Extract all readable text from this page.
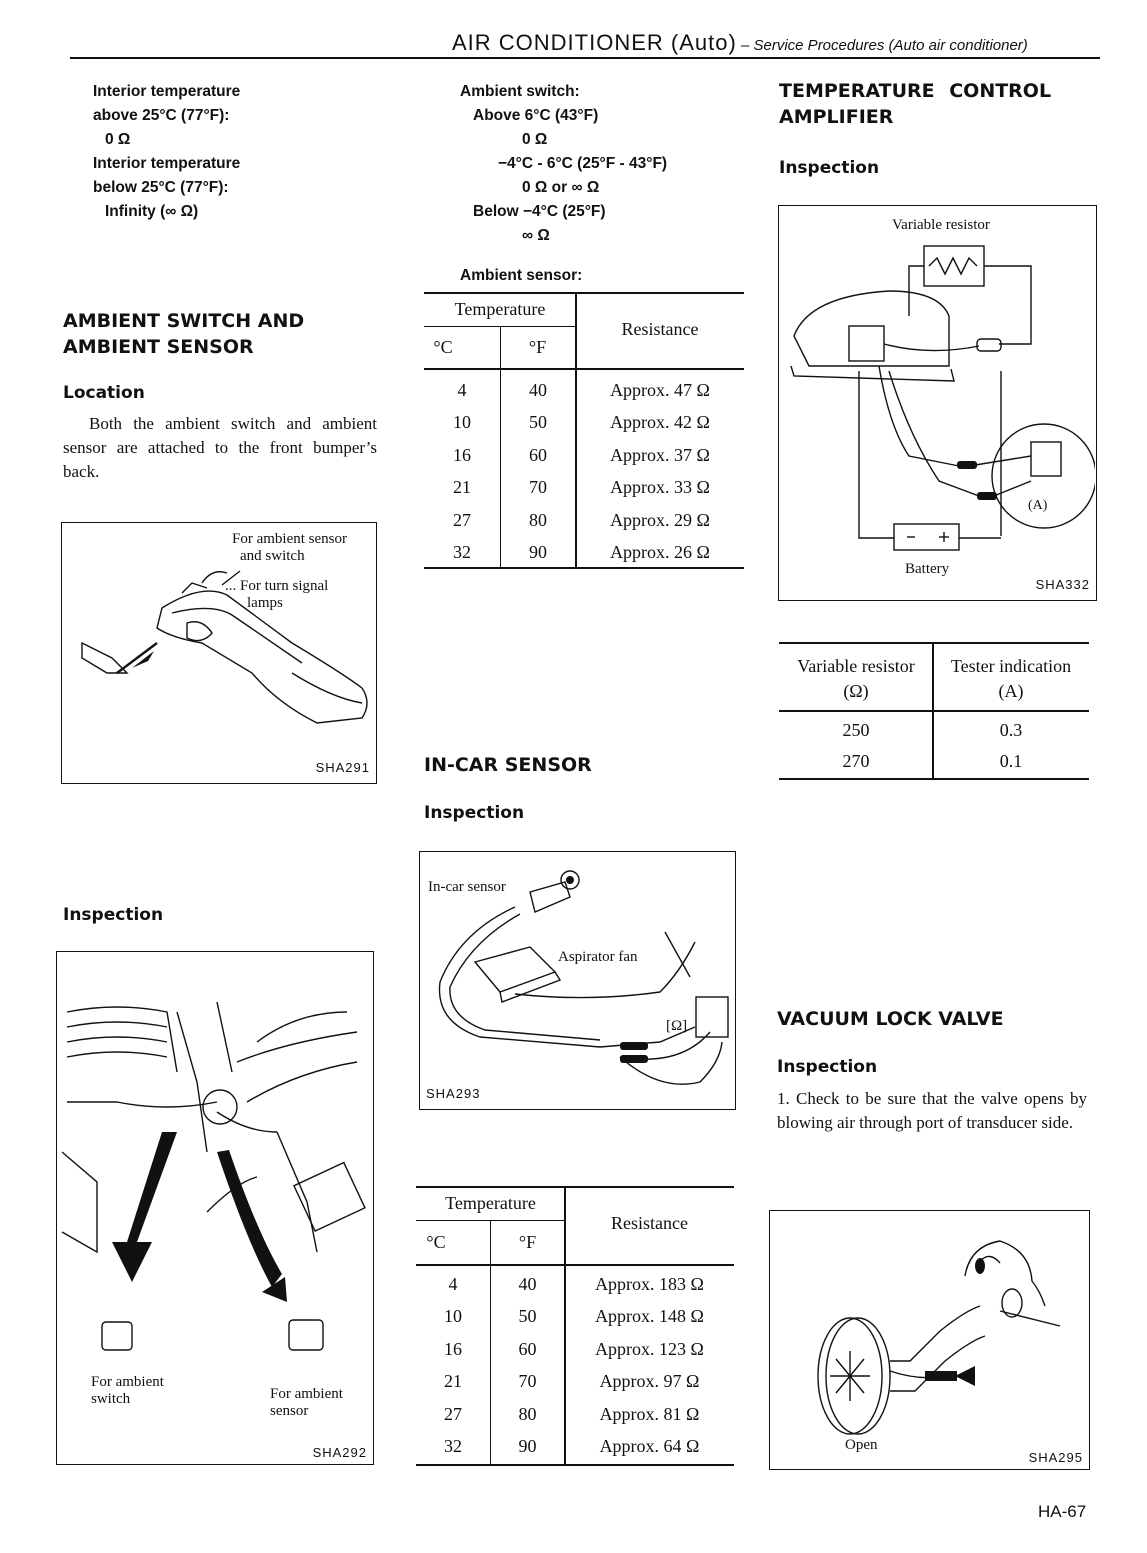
AIR CONDITIONER (Auto) – Service Procedures (Auto air conditioner)
Interior temperature
above 25°C (77°F):
0 Ω
Interior temperature
below 25°C (77°F):
Infinity (∞ Ω)
AMBIENT SWITCH AND
AMBIENT SENSOR
Location
Both the ambient switch and ambient sensor are attached to the front bumper’s back.
For ambient sensor
and switch
... For turn signal
lamps
SHA291
Inspection
For ambient
switch	For ambient
sensor
SHA292
Ambient switch:
Above 6°C (43°F)
0 Ω
−4°C - 6°C (25°F - 43°F)
0 Ω or ∞ Ω
Below −4°C (25°F)
∞ Ω
Ambient sensor:
Temperature
°C	°F
Resistance
4	40	Approx. 47 Ω
10	50	Approx. 42 Ω
16	60	Approx. 37 Ω
21	70	Approx. 33 Ω
27	80	Approx. 29 Ω
32	90	Approx. 26 Ω
IN-CAR SENSOR
Inspection
In-car sensor
Aspirator fan
[Ω]
SHA293
Temperature
°C	°F
Resistance
4	40	Approx. 183 Ω
10	50	Approx. 148 Ω
16	60	Approx. 123 Ω
21	70	Approx. 97 Ω
27	80	Approx. 81 Ω
32	90	Approx. 64 Ω
TEMPERATURE CONTROL
AMPLIFIER
Inspection
Variable resistor
Battery
(A)
SHA332
Variable resistor
(Ω)
Tester indication
(A)
250	0.3
270	0.1
VACUUM LOCK VALVE
Inspection
1. Check to be sure that the valve opens by blowing air through port of transducer side.
Open
SHA295
HA-67
